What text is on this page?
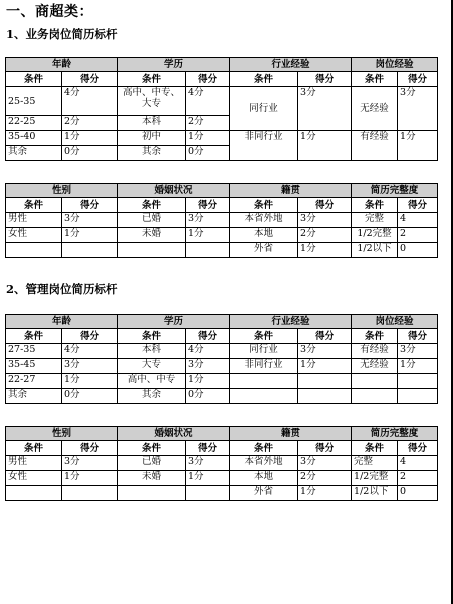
一、商超类：
1、业务岗位简历标杆
年龄		学历		行业经验		岗位经验	
条件	得分	条件	得分	条件	得分	条件	得分
25-35	4分	高中、中专、大专	4分	同行业	3分	无经验	3分
22-25	2分	本科	2分				
35-40	1分	初中	1分	非同行业	1分	有经验	1分
其余	0分	其余	0分				
性别		婚姻状况		籍贯		简历完整度	
条件	得分	条件	得分	条件	得分	条件	得分
男性	3分	已婚	3分	本省外地	3分	完整	4
女性	1分	未婚	1分	本地	2分	1/2完整	2
				外省	1分	1/2以下	0
2、管理岗位简历标杆
年龄		学历		行业经验		岗位经验	
条件	得分	条件	得分	条件	得分	条件	得分
27-35	4分	本科	4分	同行业	3分	有经验	3分
35-45	3分	大专	3分	非同行业	1分	无经验	1分
22-27	1分	高中、中专	1分				
其余	0分	其余	0分				
性别		婚姻状况		籍贯		简历完整度	
条件	得分	条件	得分	条件	得分	条件	得分
男性	3分	已婚	3分	本省外地	3分	完整	4
女性	1分	未婚	1分	本地	2分	1/2完整	2
				外省	1分	1/2以下	0
